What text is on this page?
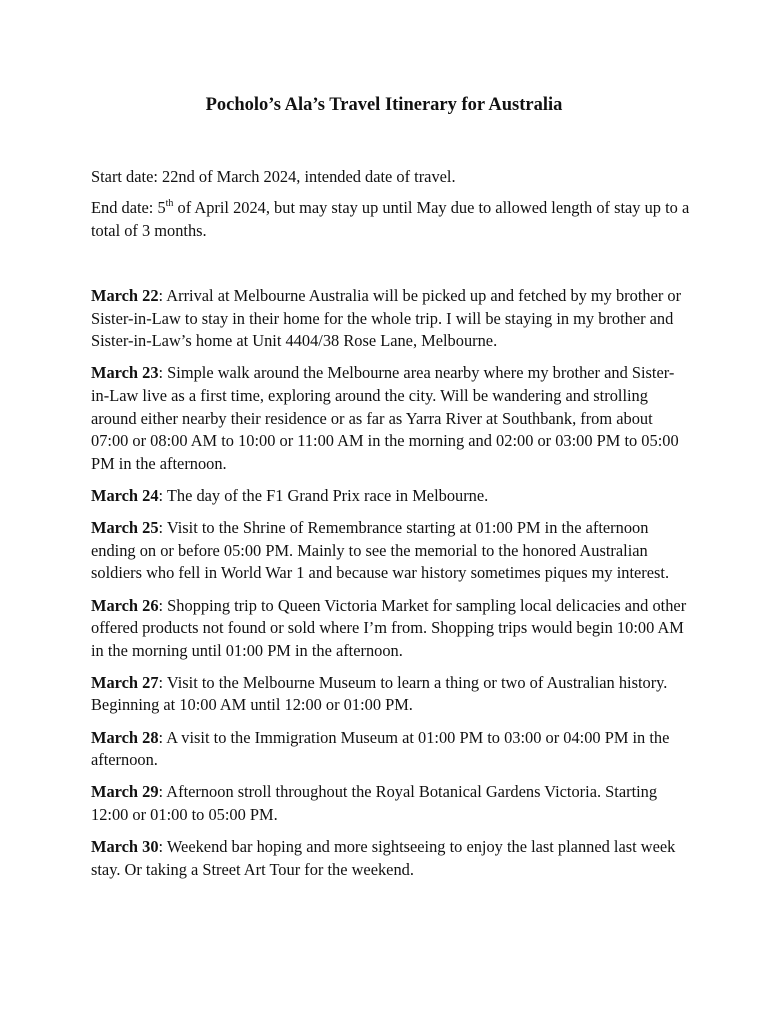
Pocholo’s Ala’s Travel Itinerary for Australia

Start date: 22nd of March 2024, intended date of travel.

End date: 5th of April 2024, but may stay up until May due to allowed length of stay up to a total of 3 months.

March 22: Arrival at Melbourne Australia will be picked up and fetched by my brother or Sister-in-Law to stay in their home for the whole trip. I will be staying in my brother and Sister-in-Law’s home at Unit 4404/38 Rose Lane, Melbourne.
March 23: Simple walk around the Melbourne area nearby where my brother and Sister-in-Law live as a first time, exploring around the city. Will be wandering and strolling around either nearby their residence or as far as Yarra River at Southbank, from about 07:00 or 08:00 AM to 10:00 or 11:00 AM in the morning and 02:00 or 03:00 PM to 05:00 PM in the afternoon.
March 24: The day of the F1 Grand Prix race in Melbourne.
March 25: Visit to the Shrine of Remembrance starting at 01:00 PM in the afternoon ending on or before 05:00 PM. Mainly to see the memorial to the honored Australian soldiers who fell in World War 1 and because war history sometimes piques my interest.
March 26: Shopping trip to Queen Victoria Market for sampling local delicacies and other offered products not found or sold where I’m from. Shopping trips would begin 10:00 AM in the morning until 01:00 PM in the afternoon.
March 27: Visit to the Melbourne Museum to learn a thing or two of Australian history. Beginning at 10:00 AM until 12:00 or 01:00 PM.
March 28: A visit to the Immigration Museum at 01:00 PM to 03:00 or 04:00 PM in the afternoon.
March 29: Afternoon stroll throughout the Royal Botanical Gardens Victoria. Starting 12:00 or 01:00 to 05:00 PM.
March 30: Weekend bar hoping and more sightseeing to enjoy the last planned last week stay. Or taking a Street Art Tour for the weekend.
